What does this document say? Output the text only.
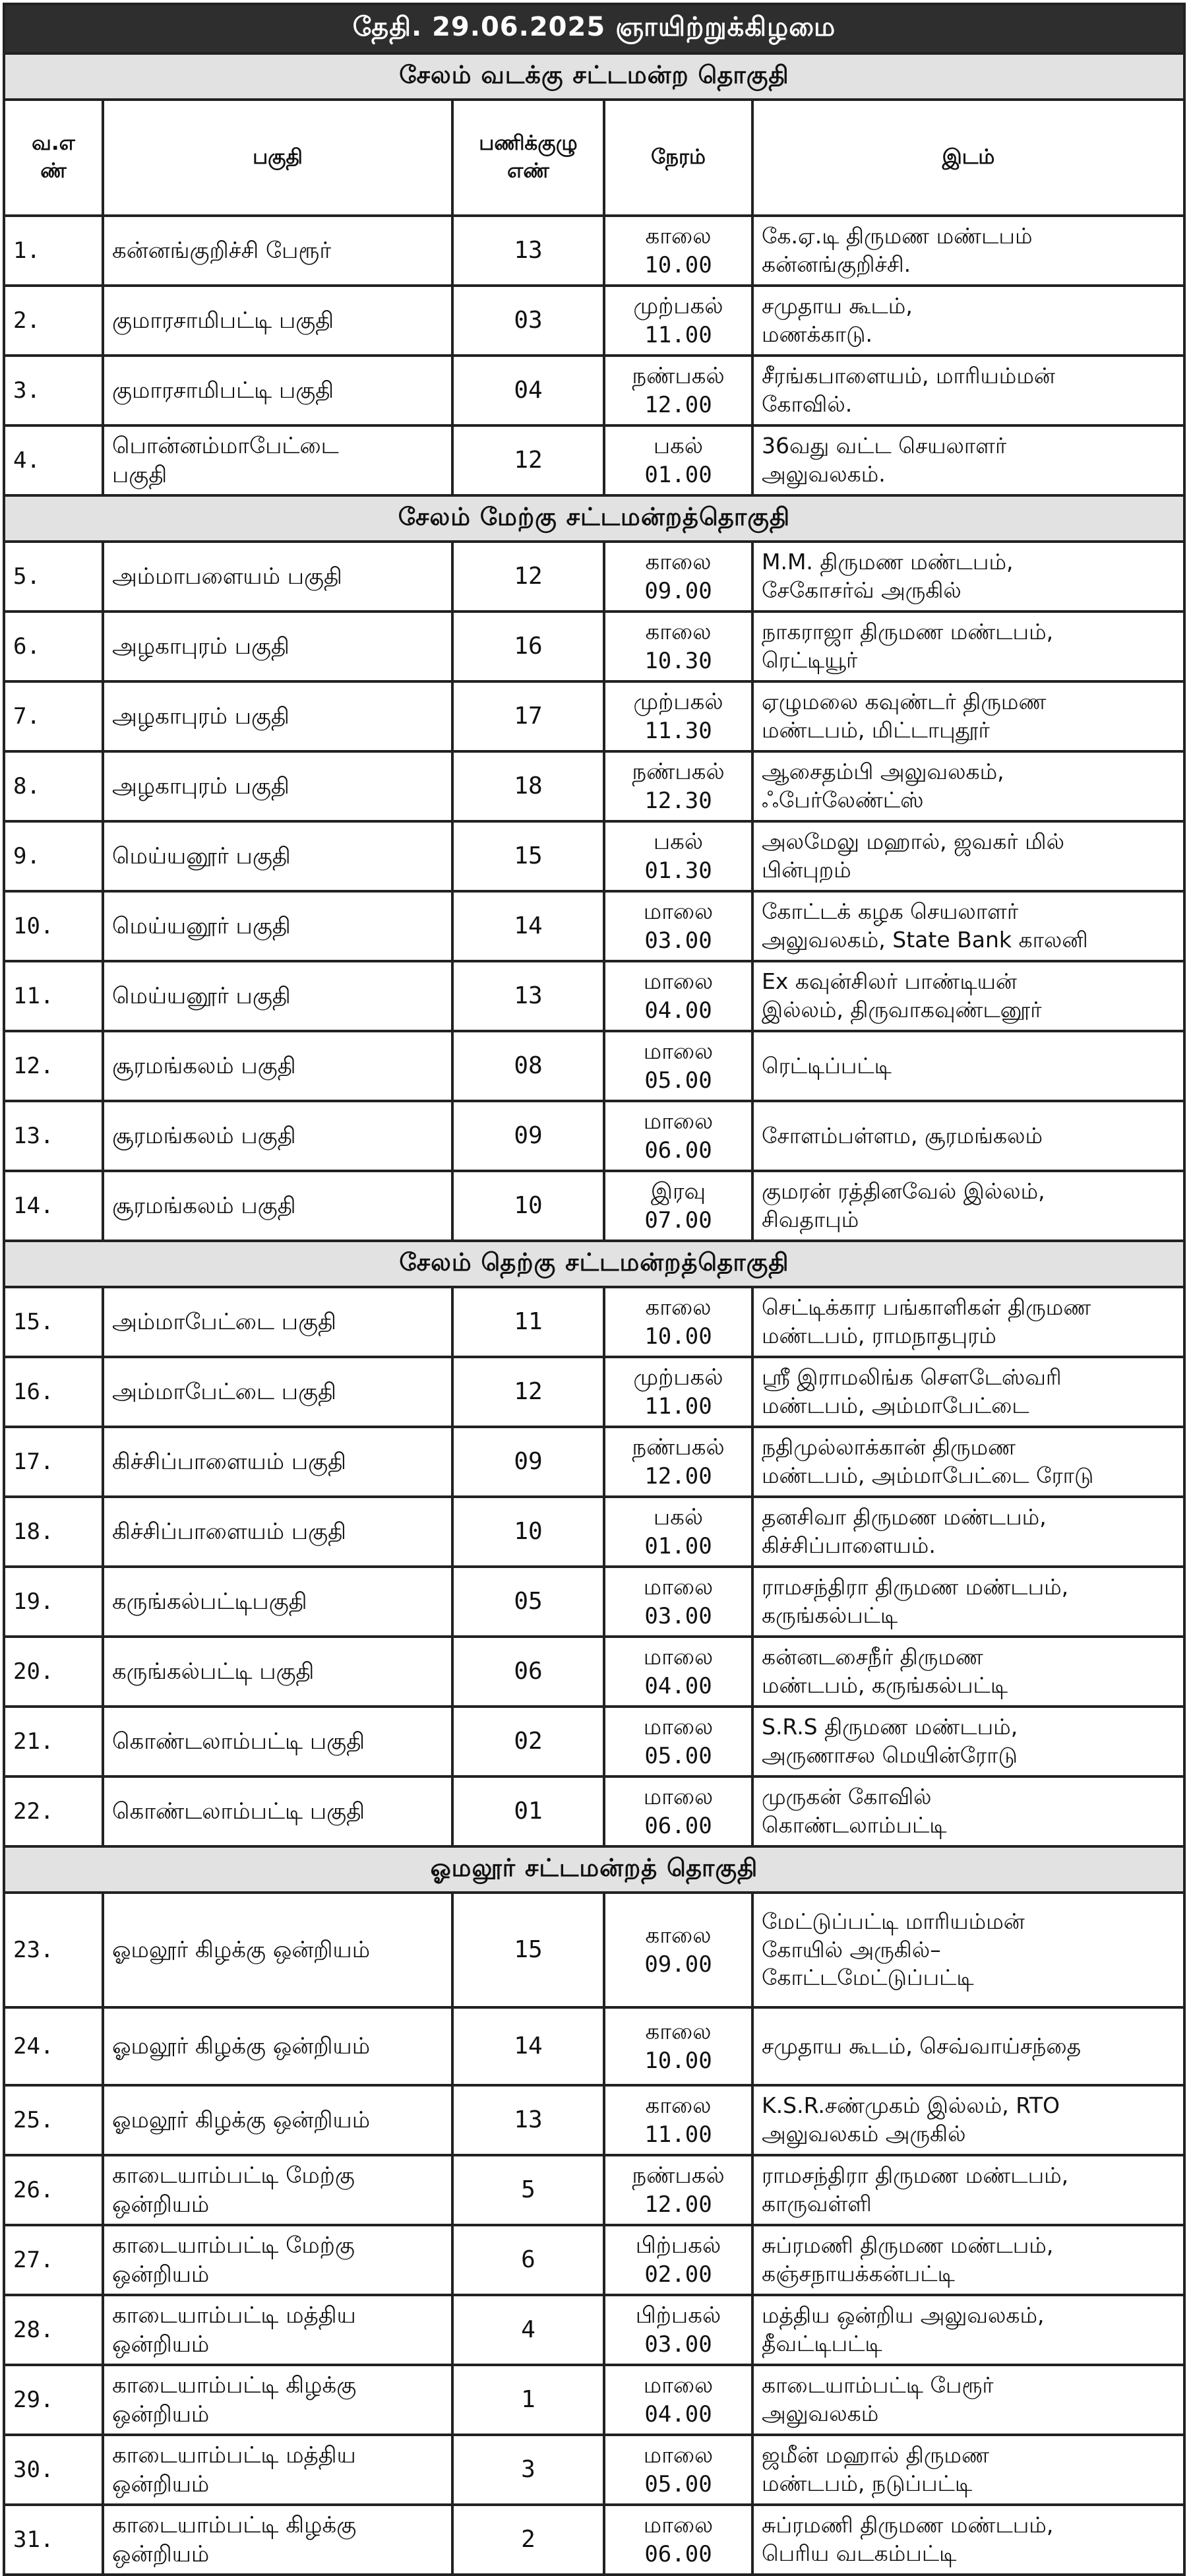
தேதி. 29.06.2025 ஞாயிற்றுக்கிழமை				
சேலம் வடக்கு சட்டமன்ற தொகுதி				

வ.எ
ண்	பகுதி	பணிக்குழு
எண்	நேரம்	இடம்
1.	கன்னங்குறிச்சி பேரூர்	13	காலை
10.00	கே.ஏ.டி திருமண மண்டபம்
கன்னங்குறிச்சி.

2.	குமாரசாமிபட்டி பகுதி	03	முற்பகல்
11.00	சமுதாய கூடம்,
மணக்காடு.

3.	குமாரசாமிபட்டி பகுதி	04	நண்பகல்
12.00	சீரங்கபாளையம், மாரியம்மன்
கோவில்.

4.	பொன்னம்மாபேட்டை
பகுதி	12	பகல்
01.00	36வது வட்ட செயலாளர்
அலுவலகம்.

சேலம் மேற்கு சட்டமன்றத்தொகுதி				
5.	அம்மாபளையம் பகுதி	12	காலை
09.00	M.M. திருமண மண்டபம்,
சேகோசர்வ் அருகில்

6.	அழகாபுரம் பகுதி	16	காலை
10.30	நாகராஜா திருமண மண்டபம்,
ரெட்டியூர்

7.	அழகாபுரம் பகுதி	17	முற்பகல்
11.30	ஏழுமலை கவுண்டர் திருமண
மண்டபம், மிட்டாபுதூர்

8.	அழகாபுரம் பகுதி	18	நண்பகல்
12.30	ஆசைதம்பி அலுவலகம்,
ஃபேர்லேண்ட்ஸ்

9.	மெய்யனூர் பகுதி	15	பகல்
01.30	அலமேலு மஹால், ஜவகர் மில்
பின்புறம்

10.	மெய்யனூர் பகுதி	14	மாலை
03.00	கோட்டக் கழக செயலாளர்
அலுவலகம், State Bank காலனி

11.	மெய்யனூர் பகுதி	13	மாலை
04.00	Ex கவுன்சிலர் பாண்டியன்
இல்லம், திருவாகவுண்டனூர்

12.	சூரமங்கலம் பகுதி	08	மாலை
05.00	ரெட்டிப்பட்டி

13.	சூரமங்கலம் பகுதி	09	மாலை
06.00	சோளம்பள்ளம, சூரமங்கலம்

14.	சூரமங்கலம் பகுதி	10	இரவு
07.00	குமரன் ரத்தினவேல் இல்லம்,
சிவதாபும்

சேலம் தெற்கு சட்டமன்றத்தொகுதி				
15.	அம்மாபேட்டை பகுதி	11	காலை
10.00	செட்டிக்கார பங்காளிகள் திருமண
மண்டபம், ராமநாதபுரம்

16.	அம்மாபேட்டை பகுதி	12	முற்பகல்
11.00	ஸ்ரீ இராமலிங்க சௌடேஸ்வரி
மண்டபம், அம்மாபேட்டை

17.	கிச்சிப்பாளையம் பகுதி	09	நண்பகல்
12.00	நதிமுல்லாக்கான் திருமண
மண்டபம், அம்மாபேட்டை ரோடு

18.	கிச்சிப்பாளையம் பகுதி	10	பகல்
01.00	தனசிவா திருமண மண்டபம்,
கிச்சிப்பாளையம்.

19.	கருங்கல்பட்டிபகுதி	05	மாலை
03.00	ராமசந்திரா திருமண மண்டபம்,
கருங்கல்பட்டி

20.	கருங்கல்பட்டி பகுதி	06	மாலை
04.00	கன்னடசைநீர் திருமண
மண்டபம், கருங்கல்பட்டி

21.	கொண்டலாம்பட்டி பகுதி	02	மாலை
05.00	S.R.S திருமண மண்டபம்,
அருணாசல மெயின்ரோடு

22.	கொண்டலாம்பட்டி பகுதி	01	மாலை
06.00	முருகன் கோவில்
கொண்டலாம்பட்டி

ஓமலூர் சட்டமன்றத் தொகுதி				
23.	ஓமலூர் கிழக்கு ஒன்றியம்	15	காலை
09.00	மேட்டுப்பட்டி மாரியம்மன்
கோயில் அருகில்–
கோட்டமேட்டுப்பட்டி

24.	ஓமலூர் கிழக்கு ஒன்றியம்	14	காலை
10.00	சமுதாய கூடம், செவ்வாய்சந்தை

25.	ஓமலூர் கிழக்கு ஒன்றியம்	13	காலை
11.00	K.S.R.சண்முகம் இல்லம், RTO
அலுவலகம் அருகில்

26.	காடையாம்பட்டி மேற்கு
ஒன்றியம்	5	நண்பகல்
12.00	ராமசந்திரா திருமண மண்டபம்,
காருவள்ளி

27.	காடையாம்பட்டி மேற்கு
ஒன்றியம்	6	பிற்பகல்
02.00	சுப்ரமணி திருமண மண்டபம்,
கஞ்சநாயக்கன்பட்டி

28.	காடையாம்பட்டி மத்திய
ஒன்றியம்	4	பிற்பகல்
03.00	மத்திய ஒன்றிய அலுவலகம்,
தீவட்டிபட்டி

29.	காடையாம்பட்டி கிழக்கு
ஒன்றியம்	1	மாலை
04.00	காடையாம்பட்டி பேரூர்
அலுவலகம்

30.	காடையாம்பட்டி மத்திய
ஒன்றியம்	3	மாலை
05.00	ஜமீன் மஹால் திருமண
மண்டபம், நடுப்பட்டி

31.	காடையாம்பட்டி கிழக்கு
ஒன்றியம்	2	மாலை
06.00	சுப்ரமணி திருமண மண்டபம்,
பெரிய வடகம்பட்டி
